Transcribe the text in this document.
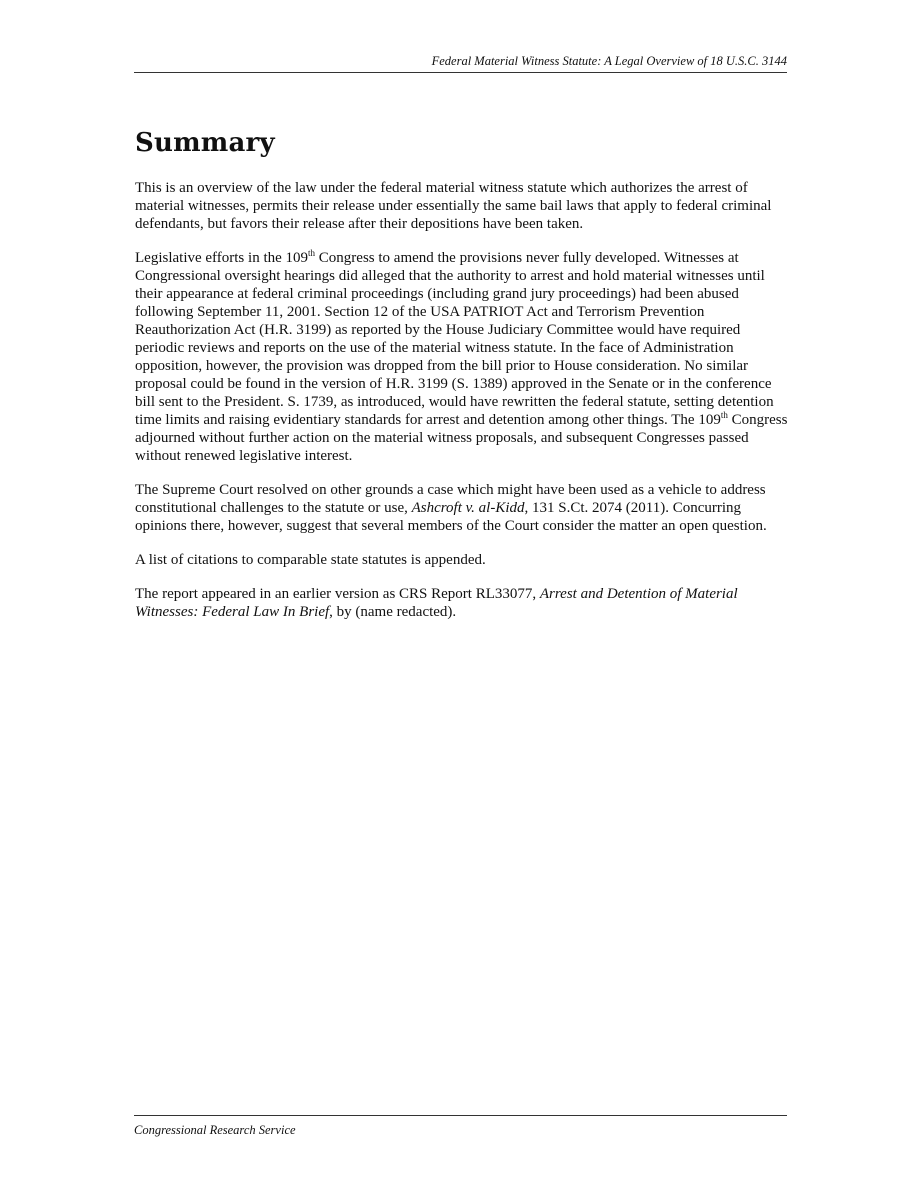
Federal Material Witness Statute: A Legal Overview of 18 U.S.C. 3144
Summary

This is an overview of the law under the federal material witness statute which authorizes the arrest of material witnesses, permits their release under essentially the same bail laws that apply to federal criminal defendants, but favors their release after their depositions have been taken.

Legislative efforts in the 109th Congress to amend the provisions never fully developed. Witnesses at Congressional oversight hearings did alleged that the authority to arrest and hold material witnesses until their appearance at federal criminal proceedings (including grand jury proceedings) had been abused following September 11, 2001. Section 12 of the USA PATRIOT Act and Terrorism Prevention Reauthorization Act (H.R. 3199) as reported by the House Judiciary Committee would have required periodic reviews and reports on the use of the material witness statute. In the face of Administration opposition, however, the provision was dropped from the bill prior to House consideration. No similar proposal could be found in the version of H.R. 3199 (S. 1389) approved in the Senate or in the conference bill sent to the President. S. 1739, as introduced, would have rewritten the federal statute, setting detention time limits and raising evidentiary standards for arrest and detention among other things. The 109th Congress adjourned without further action on the material witness proposals, and subsequent Congresses passed without renewed legislative interest.

The Supreme Court resolved on other grounds a case which might have been used as a vehicle to address constitutional challenges to the statute or use, Ashcroft v. al-Kidd, 131 S.Ct. 2074 (2011). Concurring opinions there, however, suggest that several members of the Court consider the matter an open question.

A list of citations to comparable state statutes is appended.

The report appeared in an earlier version as CRS Report RL33077, Arrest and Detention of Material Witnesses: Federal Law In Brief, by (name redacted).

Congressional Research Service
